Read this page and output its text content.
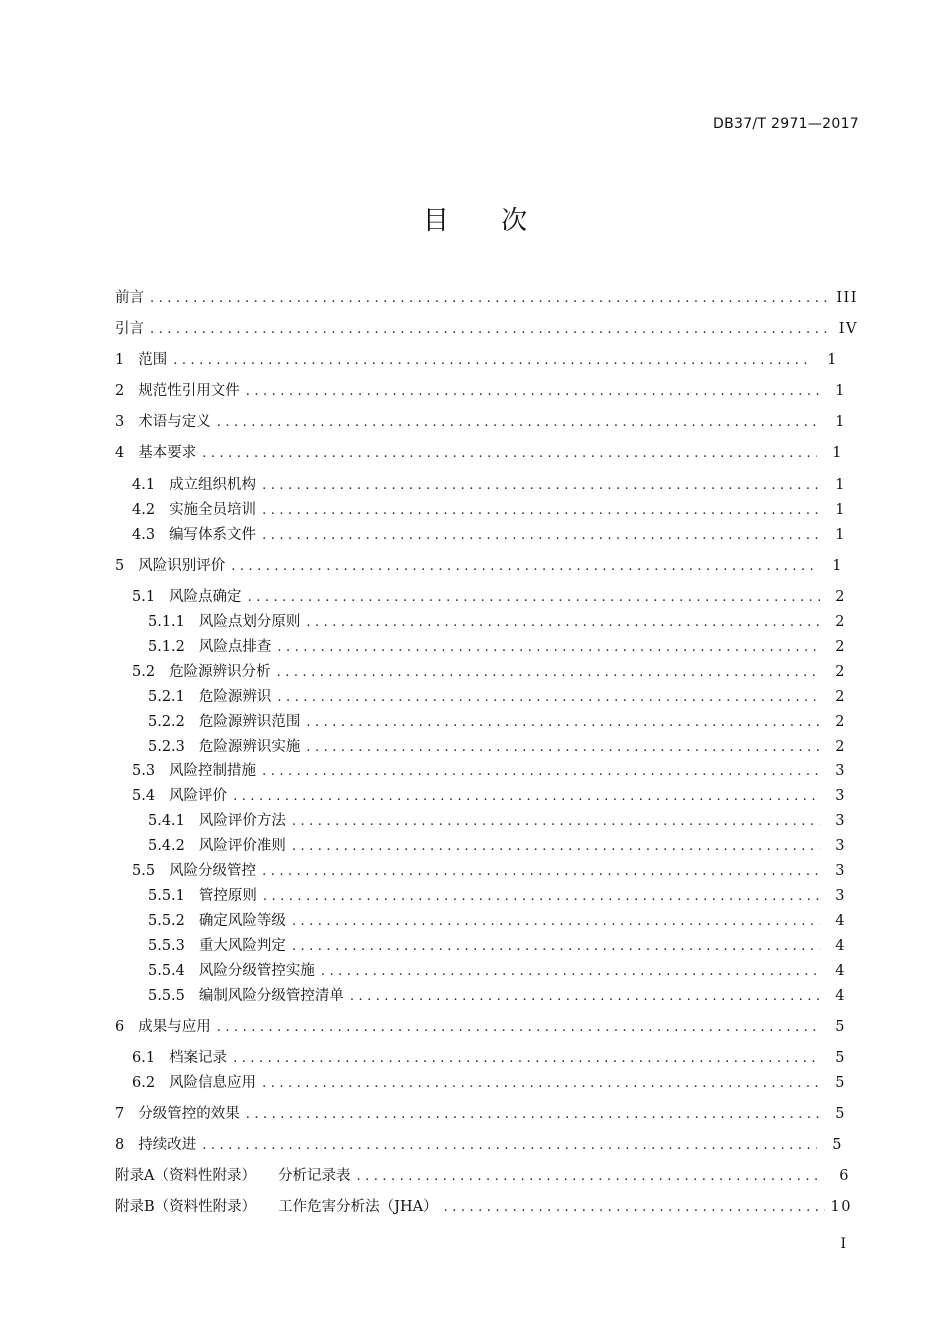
DB37/T 2971—2017
目 次
前言 .....	III
引言 .....	IV
1 范围 .....	1
2 规范性引用文件 .....	1
3 术语与定义 .....	1
4 基本要求 .....	1
4.1 成立组织机构 .....	1
4.2 实施全员培训 .....	1
4.3 编写体系文件 .....	1
5 风险识别评价 .....	1
5.1 风险点确定 .....	2
5.1.1 风险点划分原则 .....	2
5.1.2 风险点排查 .....	2
5.2 危险源辨识分析 .....	2
5.2.1 危险源辨识 .....	2
5.2.2 危险源辨识范围 .....	2
5.2.3 危险源辨识实施 .....	2
5.3 风险控制措施 .....	3
5.4 风险评价 .....	3
5.4.1 风险评价方法 .....	3
5.4.2 风险评价准则 .....	3
5.5 风险分级管控 .....	3
5.5.1 管控原则 .....	3
5.5.2 确定风险等级 .....	4
5.5.3 重大风险判定 .....	4
5.5.4 风险分级管控实施 .....	4
5.5.5 编制风险分级管控清单 .....	4
6 成果与应用 .....	5
6.1 档案记录 .....	5
6.2 风险信息应用 .....	5
7 分级管控的效果 .....	5
8 持续改进 .....	5
附录A（资料性附录） 分析记录表 .....	6
附录B（资料性附录） 工作危害分析法（JHA） .....	10
I
